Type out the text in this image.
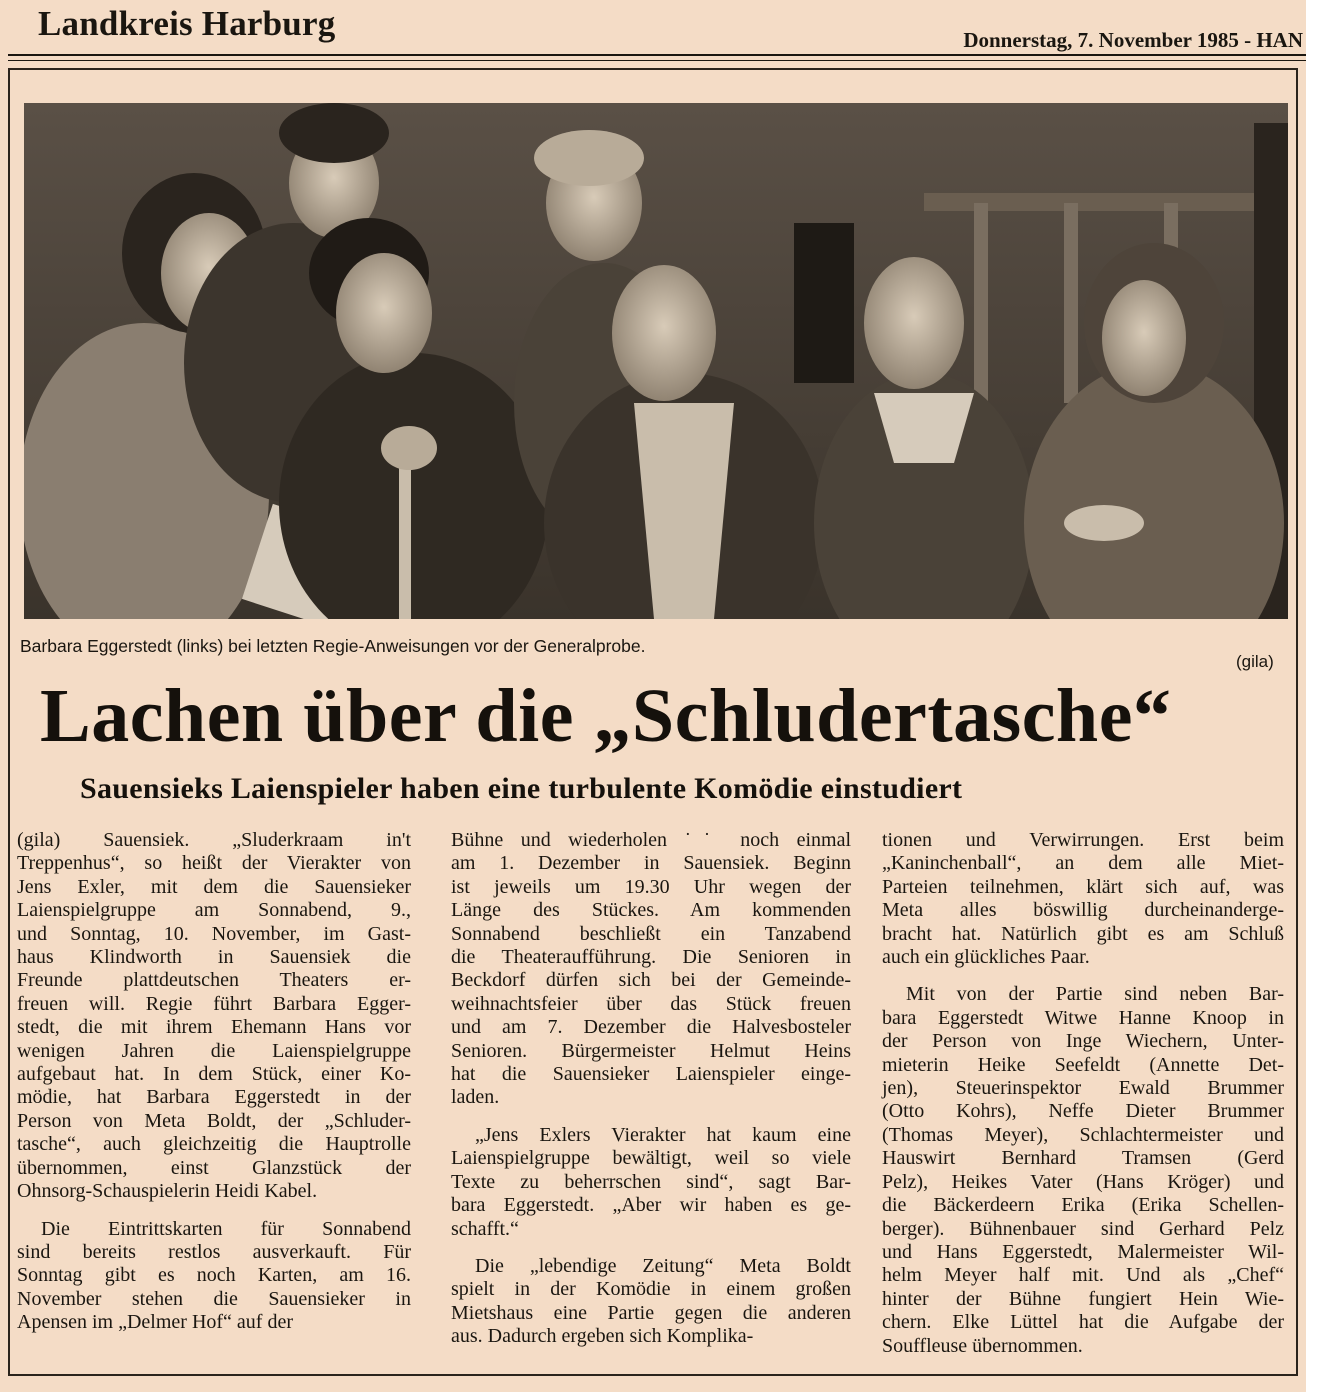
Landkreis Harburg	Donnerstag, 7. November 1985 - HAN
Barbara Eggerstedt (links) bei letzten Regie-Anweisungen vor der Generalprobe.
(gila)
Lachen über die „Schludertasche“
Sauensieks Laienspieler haben eine turbulente Komödie einstudiert

(gila) Sauensiek. „Sluderkraam in't
Treppenhus“, so heißt der Vierakter von
Jens Exler, mit dem die Sauensieker
Laienspielgruppe am Sonnabend, 9.,
und Sonntag, 10. November, im Gast-
haus Klindworth in Sauensiek die
Freunde plattdeutschen Theaters er-
freuen will. Regie führt Barbara Egger-
stedt, die mit ihrem Ehemann Hans vor
wenigen Jahren die Laienspielgruppe
aufgebaut hat. In dem Stück, einer Ko-
mödie, hat Barbara Eggerstedt in der
Person von Meta Boldt, der „Schluder-
tasche“, auch gleichzeitig die Hauptrolle
übernommen, einst Glanzstück der
Ohnsorg-Schauspielerin Heidi Kabel.

Die Eintrittskarten für Sonnabend
sind bereits restlos ausverkauft. Für
Sonntag gibt es noch Karten, am 16.
November stehen die Sauensieker in
Apensen im „Delmer Hof“ auf der

Bühne und wiederholen ˙˙ noch einmal
am 1. Dezember in Sauensiek. Beginn
ist jeweils um 19.30 Uhr wegen der
Länge des Stückes. Am kommenden
Sonnabend beschließt ein Tanzabend
die Theateraufführung. Die Senioren in
Beckdorf dürfen sich bei der Gemeinde-
weihnachtsfeier über das Stück freuen
und am 7. Dezember die Halvesbosteler
Senioren. Bürgermeister Helmut Heins
hat die Sauensieker Laienspieler einge-
laden.

„Jens Exlers Vierakter hat kaum eine
Laienspielgruppe bewältigt, weil so viele
Texte zu beherrschen sind“, sagt Bar-
bara Eggerstedt. „Aber wir haben es ge-
schafft.“

Die „lebendige Zeitung“ Meta Boldt
spielt in der Komödie in einem großen
Mietshaus eine Partie gegen die anderen
aus. Dadurch ergeben sich Komplika-

tionen und Verwirrungen. Erst beim
„Kaninchenball“, an dem alle Miet-
Parteien teilnehmen, klärt sich auf, was
Meta alles böswillig durcheinanderge-
bracht hat. Natürlich gibt es am Schluß
auch ein glückliches Paar.

Mit von der Partie sind neben Bar-
bara Eggerstedt Witwe Hanne Knoop in
der Person von Inge Wiechern, Unter-
mieterin Heike Seefeldt (Annette Det-
jen), Steuerinspektor Ewald Brummer
(Otto Kohrs), Neffe Dieter Brummer
(Thomas Meyer), Schlachtermeister und
Hauswirt Bernhard Tramsen (Gerd
Pelz), Heikes Vater (Hans Kröger) und
die Bäckerdeern Erika (Erika Schellen-
berger). Bühnenbauer sind Gerhard Pelz
und Hans Eggerstedt, Malermeister Wil-
helm Meyer half mit. Und als „Chef“
hinter der Bühne fungiert Hein Wie-
chern. Elke Lüttel hat die Aufgabe der
Souffleuse übernommen.
